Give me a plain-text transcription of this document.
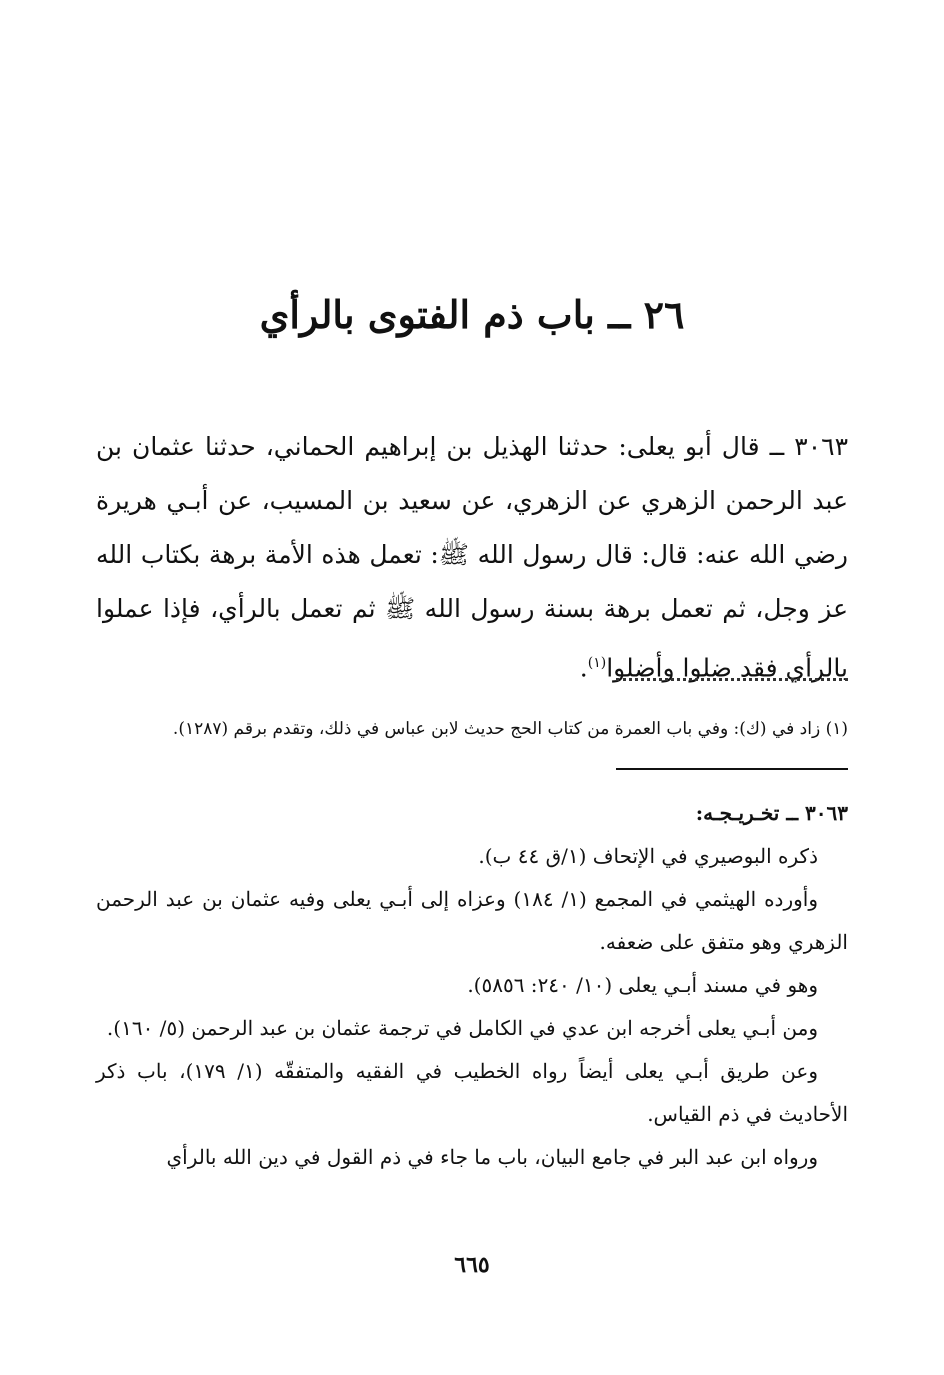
٢٦ ــ باب ذم الفتوى بالرأي

٣٠٦٣ ــ قال أبو يعلى: حدثنا الهذيل بن إبراهيم الحماني، حدثنا عثمان بن عبد الرحمن الزهري عن الزهري، عن سعيد بن المسيب، عن أبـي هريرة رضي الله عنه: قال: قال رسول الله ﷺ: تعمل هذه الأمة برهة بكتاب الله عز وجل، ثم تعمل برهة بسنة رسول الله ﷺ ثم تعمل بالرأي، فإذا عملوا بالرأي فقد ضلوا وأضلوا$^{(١)}$.

(١) زاد في (ك): وفي باب العمرة من كتاب الحج حديث لابن عباس في ذلك، وتقدم برقم (١٢٨٧).

٣٠٦٣ ــ تخـريـجـه:

ذكره البوصيري في الإتحاف (١/ق ٤٤ ب).

وأورده الهيثمي في المجمع (١/ ١٨٤) وعزاه إلى أبـي يعلى وفيه عثمان بن عبد الرحمن الزهري وهو متفق على ضعفه.

وهو في مسند أبـي يعلى (١٠/ ٢٤٠: ٥٨٥٦).

ومن أبـي يعلى أخرجه ابن عدي في الكامل في ترجمة عثمان بن عبد الرحمن (٥/ ١٦٠).

وعن طريق أبـي يعلى أيضاً رواه الخطيب في الفقيه والمتفقّه (١/ ١٧٩)، باب ذكر الأحاديث في ذم القياس.

ورواه ابن عبد البر في جامع البيان، باب ما جاء في ذم القول في دين الله بالرأي

٦٦٥
